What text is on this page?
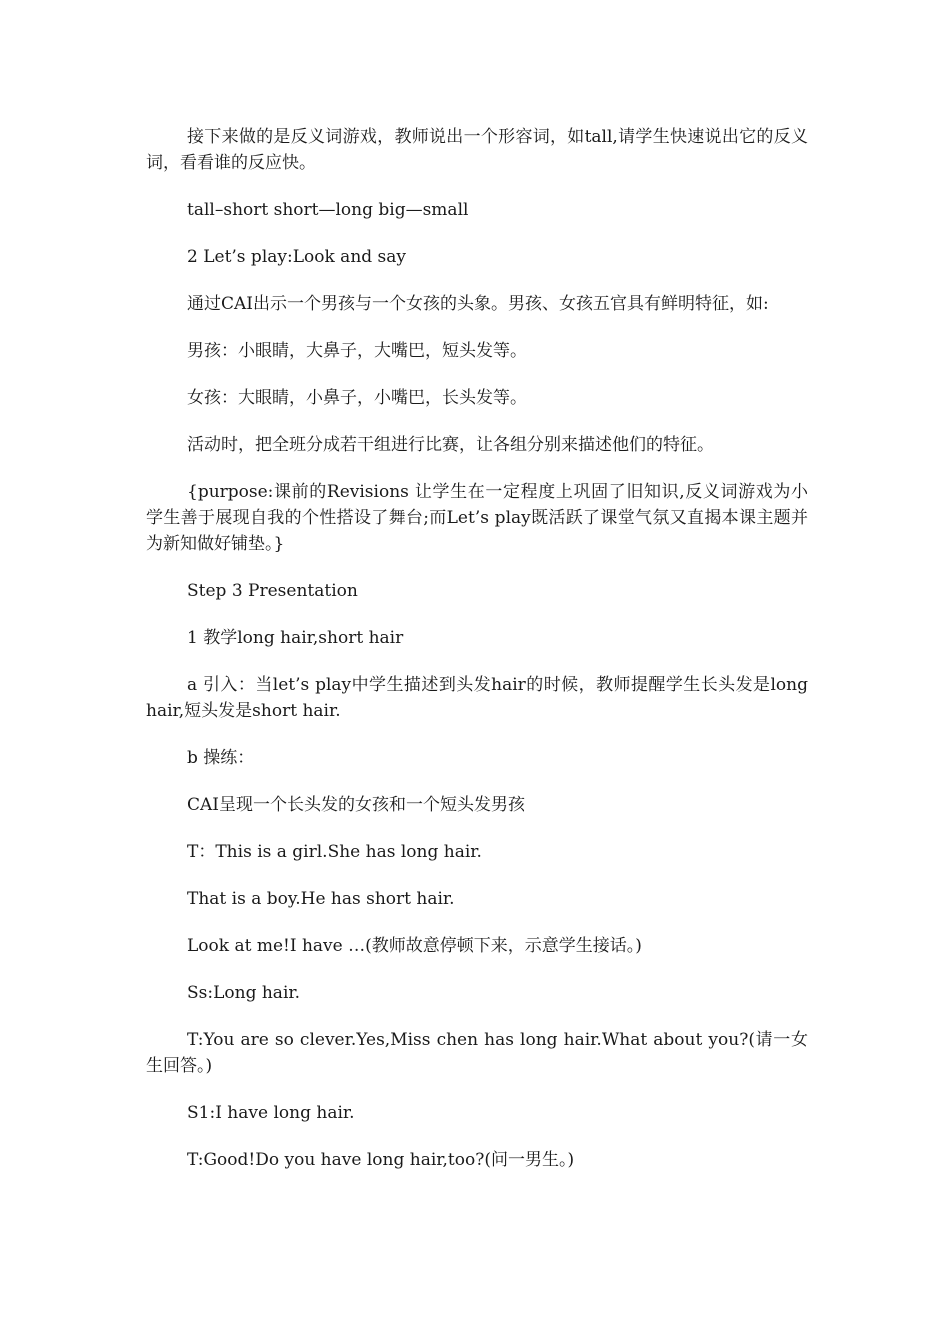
接下来做的是反义词游戏，教师说出一个形容词，如tall,请学生快速说出它的反义词，看看谁的反应快。

tall–short short—long big—small

2 Let’s play:Look and say

通过CAI出示一个男孩与一个女孩的头象。男孩、女孩五官具有鲜明特征，如:

男孩：小眼睛，大鼻子，大嘴巴，短头发等。

女孩：大眼睛，小鼻子，小嘴巴，长头发等。

活动时，把全班分成若干组进行比赛，让各组分别来描述他们的特征。

{purpose:课前的Revisions 让学生在一定程度上巩固了旧知识,反义词游戏为小学生善于展现自我的个性搭设了舞台;而Let’s play既活跃了课堂气氛又直揭本课主题并为新知做好铺垫。}

Step 3 Presentation

1 教学long hair,short hair

a 引入：当let’s play中学生描述到头发hair的时候，教师提醒学生长头发是long hair,短头发是short hair.

b 操练：

CAI呈现一个长头发的女孩和一个短头发男孩

T：This is a girl.She has long hair.

That is a boy.He has short hair.

Look at me!I have …(教师故意停顿下来，示意学生接话。)

Ss:Long hair.

T:You are so clever.Yes,Miss chen has long hair.What about you?(请一女生回答。)

S1:I have long hair.

T:Good!Do you have long hair,too?(问一男生。)
